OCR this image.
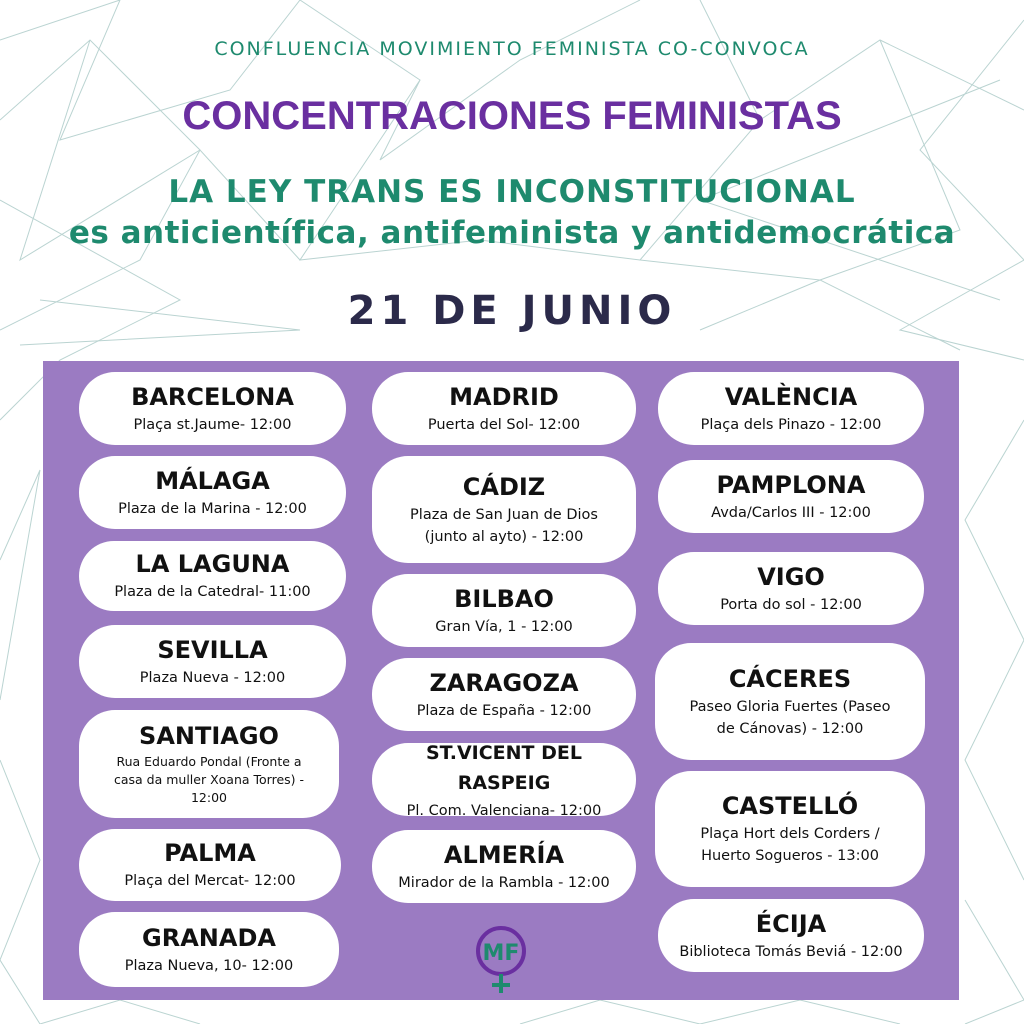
CONFLUENCIA MOVIMIENTO FEMINISTA CO-CONVOCA
CONCENTRACIONES FEMINISTAS
LA LEY TRANS ES INCONSTITUCIONAL
es anticientífica, antifeminista y antidemocrática
21 DE JUNIO
BARCELONA
Plaça st.Jaume- 12:00
MÁLAGA
Plaza de la Marina - 12:00
LA LAGUNA
Plaza de la Catedral- 11:00
SEVILLA
Plaza Nueva - 12:00
SANTIAGO
Rua Eduardo Pondal (Fronte a casa da muller Xoana Torres) - 12:00
PALMA
Plaça del Mercat- 12:00
GRANADA
Plaza Nueva, 10- 12:00
MADRID
Puerta del Sol- 12:00
CÁDIZ
Plaza de San Juan de Dios (junto al ayto) - 12:00
BILBAO
Gran Vía, 1 - 12:00
ZARAGOZA
Plaza de España - 12:00
ST.VICENT DEL RASPEIG
Pl. Com. Valenciana- 12:00
ALMERÍA
Mirador de la Rambla - 12:00
VALÈNCIA
Plaça dels Pinazo - 12:00
PAMPLONA
Avda/Carlos III - 12:00
VIGO
Porta do sol - 12:00
CÁCERES
Paseo Gloria Fuertes (Paseo de Cánovas) - 12:00
CASTELLÓ
Plaça Hort dels Corders / Huerto Sogueros - 13:00
ÉCIJA
Biblioteca Tomás Beviá - 12:00
MF
